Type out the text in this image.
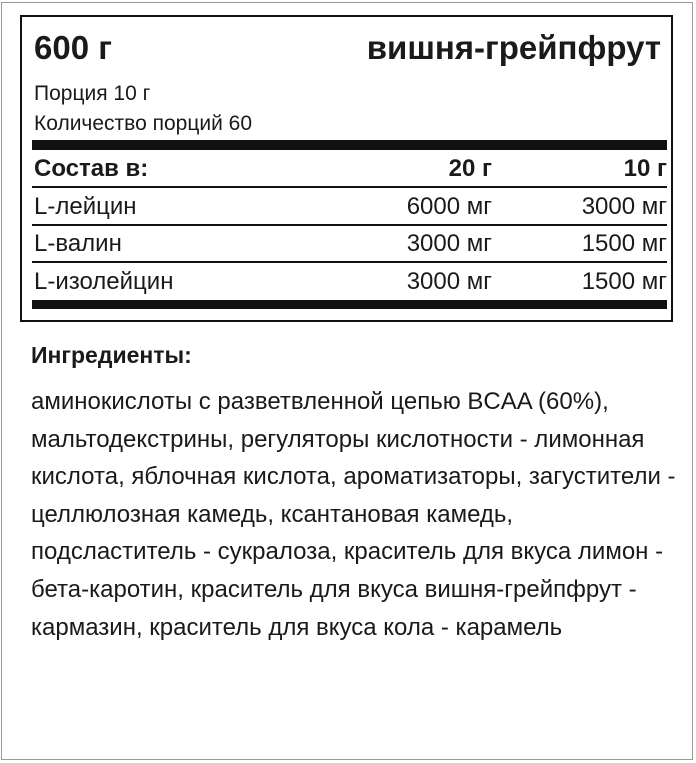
600 г	вишня-грейпфрут
Порция 10 г
Количество порций 60
Состав в:	20 г	10 г
L-лейцин	6000 мг	3000 мг
L-валин	3000 мг	1500 мг
L-изолейцин	3000 мг	1500 мг
Ингредиенты:
аминокислоты с разветвленной цепью BCAA (60%), мальтодекстрины, регуляторы кислотности - лимонная кислота, яблочная кислота, ароматизаторы, загустители - целлюлозная камедь, ксантановая камедь, подсластитель - сукралоза, краситель для вкуса лимон - бета-каротин, краситель для вкуса вишня-грейпфрут - кармазин, краситель для вкуса кола - карамель
